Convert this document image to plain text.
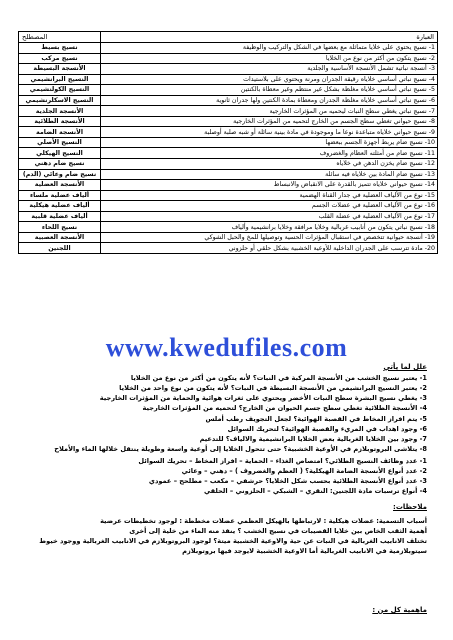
المصطلح	العبارة
نسيج بسيط	1- نسيج يحتوي على خلايا متماثلة مع بعضها في الشكل والتركيب والوظيفة
نسيج مركب	2- نسيج يتكون من أكثر من نوع من الخلايا
الأنسجة البسيطة	3- أنسجة نباتية تشمل الأنسجة الأساسية والجلدية
النسيج البرانشيمي	4- نسيج نباتي أساسي خلاياه رقيقة الجدران ومرنة ويحتوي على بلاستيدات
النسيج الكولنشيمي	5- نسيج نباتي أساسي خلاياه مغلظة بشكل غير منتظم وغير معطاة بالكنتين
النسيج الاسكلرنشيمي	6- نسيج نباتي أساسي خلاياه مغلظة الجدران ومعطاة بمادة الكنتين ولها جدران ثانوية
الأنسجة الجلدية	7- نسيج نباتي يغطي سطح النبات ليحميه من المؤثرات الخارجية
الأنسجة الطلائية	8- نسيج حيواني تغطي سطح الجسم من الخارج لتحميه من المؤثرات الخارجية
الأنسجة الضامة	9- نسيج حيواني خلاياه متباعدة نوعا ما وموجودة في مادة بينية سائلة أو شبه صلبة أوصلبة
النسيج الأصلي	10- نسيج ضام يربط أجهزة الجسم ببعضها
النسيج الهيكلي	11- نسيج ضام من أمثلته العظام والغضروف
نسيج ضام دهني	12- نسيج ضام يخزن الدهن في خلاياه
نسيج ضام وعائي (الدم)	13- نسيج ضام المادة بين خلاياه فيه سائلة
الأنسجة العضلية	14- نسيج حيواني خلاياه تتميز بالقدرة على الانقباض والانبساط
ألياف عضلية ملساء	15- نوع من الألياف العضلية في جدار القناة الهضمية
ألياف عضلية هيكلية	16- نوع من الألياف العضلية في عضلات الجسم
ألياف عضلية قلبية	17- نوع من الألياف العضلية في عضلة القلب
نسيج اللحاء	18- نسيج نباتي يتكون من أنابيب غربالية وخلايا مرافقة وخلايا برانشيمية وألياف
الأنسجة العصبية	19- أنسجة حيوانية تتخصص في استقبال المؤثرات الحسية وتوصيلها للمخ والحبل الشوكي
اللجنين	20- مادة تترسب على الجدران الداخلية للأوعية الخشبية بشكل حلقي أو حلزوني
www.kwedufiles.com
علل لما يأتي
1- يعتبر نسيج الخشب من الأنسجة المركبة في النبات؟ لأنه يتكون من أكثر من نوع من الخلايا
2- يعتبر النسيج البرانشيمي من الأنسجة البسيطة في النبات؟ لأنه يتكون من نوع واحد من الخلايا
3- يغطي نسيج البشرة سطح النبات الأخضر ويحتوي على ثغرات هوائية والحماية من المؤثرات الخارجية
4- الأنسجة الطلائية تغطي سطح جسم الحيوان من الخارج؟ لتحميه من المؤثرات الخارجية
5- يتم افراز المخاط في القصبة الهوائية؟ لجعل التجويف رطب أملس
6- وجود اهداب في المريء والقصبة الهوائية؟ لتحريك السوائل
7- وجود بين الخلايا الغربالية بعض الخلايا البرانشيمية والالياف؟ للتدعيم
8- يتلاشى البروتوبلازم في الأوعية الخشبية؟ حتى تتحول الخلايا إلى أوعية واسعة وطويلة ينتقل خلالها الماء والأملاح
1- عدد وظائف النسيج الطلائي؟ امتصاص الغذاء – الحماية – افراز المخاط – تحريك السوائل
2- عدد أنواع الأنسجة الضامة الهيكلية؟ ( العظم والغضروف ) – دهني – وعائي
3- عدد أنواع الأنسجة الطلائية بحسب شكل الخلايا؟ حرشفي – مكعب – مطلحح – عمودي
4- أنواع ترسبات مادة اللجنين: النقري – الشبكي – الحلزوني – الحلقي
ملاحظات:
أسباب التسمية: عضلات هيكلية : لارتباطها بالهيكل العظمي عضلات مخططة : لوجود تخطيطات عرضية
أهمية الثقب الخاص بين خلايا القصيبات في نسيج الخشب ؟ ينفذ منه الماء من خلية إلى أخرى
تختلف الانابيب الغربالية في النبات عن حية والاوعية الخشبية ميتة؟ لوجود البروتوبلازم في الانابيب الغربالية ووجود خيوط
سيتوبلازمية في الانابيب الغربالية أما الاوعية الخشبية لايوجد فيها بروتوبلازم
ماهمية كل من :
